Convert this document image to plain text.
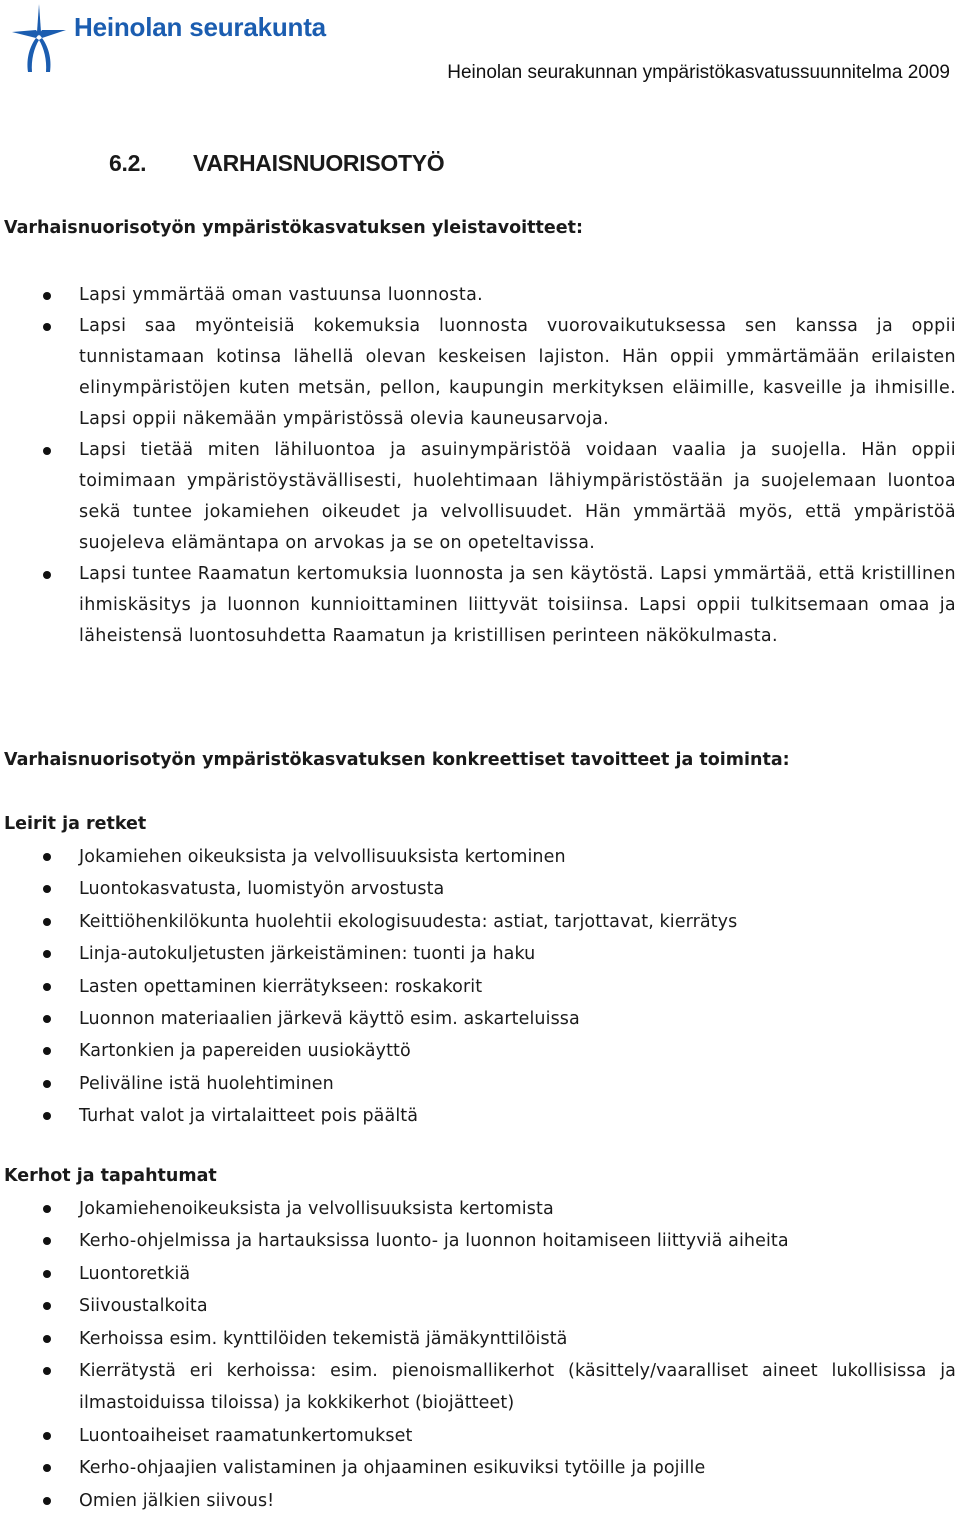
Heinolan seurakunta
Heinolan seurakunnan ympäristökasvatussuunnitelma 2009
6.2. VARHAISNUORISOTYÖ
Varhaisnuorisotyön ympäristökasvatuksen yleistavoitteet:
Lapsi ymmärtää oman vastuunsa luonnosta.
Lapsi saa myönteisiä kokemuksia luonnosta vuorovaikutuksessa sen kanssa ja oppii tunnistamaan kotinsa lähellä olevan keskeisen lajiston. Hän oppii ymmärtämään erilaisten elinympäristöjen kuten metsän, pellon, kaupungin merkityksen eläimille, kasveille ja ihmisille. Lapsi oppii näkemään ympäristössä olevia kauneusarvoja.
Lapsi tietää miten lähiluontoa ja asuinympäristöä voidaan vaalia ja suojella. Hän oppii toimimaan ympäristöystävällisesti, huolehtimaan lähiympäristöstään ja suojelemaan luontoa sekä tuntee jokamiehen oikeudet ja velvollisuudet. Hän ymmärtää myös, että ympäristöä suojeleva elämäntapa on arvokas ja se on opeteltavissa.
Lapsi tuntee Raamatun kertomuksia luonnosta ja sen käytöstä. Lapsi ymmärtää, että kristillinen ihmiskäsitys ja luonnon kunnioittaminen liittyvät toisiinsa. Lapsi oppii tulkitsemaan omaa ja läheistensä luontosuhdetta Raamatun ja kristillisen perinteen näkökulmasta.
Varhaisnuorisotyön ympäristökasvatuksen konkreettiset tavoitteet ja toiminta:
Leirit ja retket
Jokamiehen oikeuksista ja velvollisuuksista kertominen
Luontokasvatusta, luomistyön arvostusta
Keittiöhenkilökunta huolehtii ekologisuudesta: astiat, tarjottavat, kierrätys
Linja-autokuljetusten järkeistäminen: tuonti ja haku
Lasten opettaminen kierrätykseen: roskakorit
Luonnon materiaalien järkevä käyttö esim. askarteluissa
Kartonkien ja papereiden uusiokäyttö
Peliväline istä huolehtiminen
Turhat valot ja virtalaitteet pois päältä
Kerhot ja tapahtumat
Jokamiehenoikeuksista ja velvollisuuksista kertomista
Kerho-ohjelmissa ja hartauksissa luonto- ja luonnon hoitamiseen liittyviä aiheita
Luontoretkiä
Siivoustalkoita
Kerhoissa esim. kynttilöiden tekemistä jämäkynttilöistä
Kierrätystä eri kerhoissa: esim. pienoismallikerhot (käsittely/vaaralliset aineet lukollisissa ja ilmastoiduissa tiloissa) ja kokkikerhot (biojätteet)
Luontoaiheiset raamatunkertomukset
Kerho-ohjaajien valistaminen ja ohjaaminen esikuviksi tytöille ja pojille
Omien jälkien siivous!
